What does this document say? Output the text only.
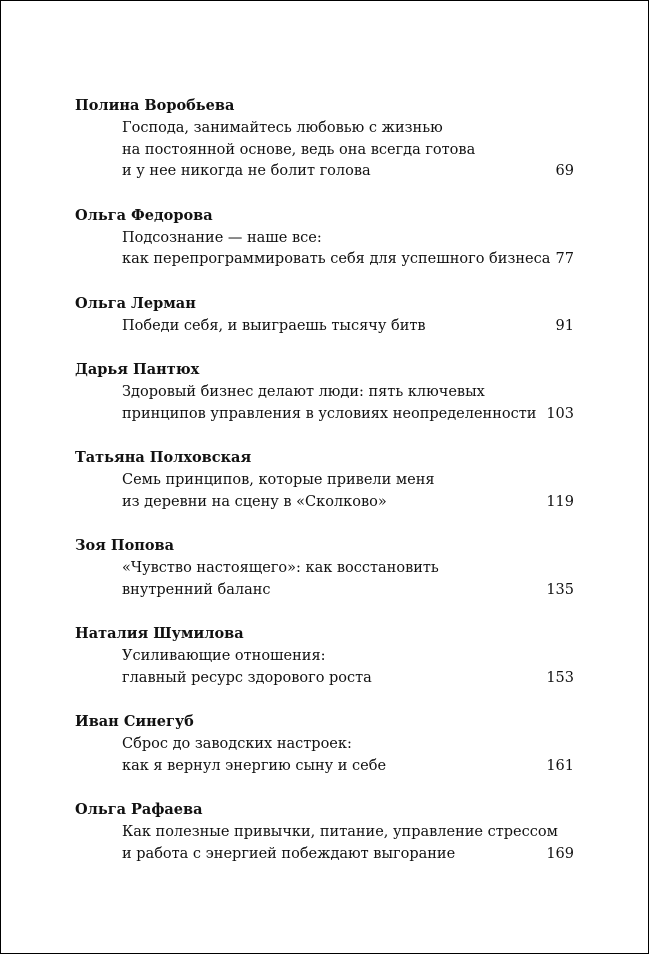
Полина Воробьева
Господа, занимайтесь любовью с жизнью
на постоянной основе, ведь она всегда готова
и у нее никогда не болит голова	69
Ольга Федорова
Подсознание — наше все:
как перепрограммировать себя для успешного бизнеса 77
Ольга Лерман
Победи себя, и выиграешь тысячу битв	91
Дарья Пантюх
Здоровый бизнес делают люди: пять ключевых
принципов управления в условиях неопределенности 103
Татьяна Полховская
Семь принципов, которые привели меня
из деревни на сцену в «Сколково»	119
Зоя Попова
«Чувство настоящего»: как восстановить
внутренний баланс	135
Наталия Шумилова
Усиливающие отношения:
главный ресурс здорового роста	153
Иван Синегуб
Сброс до заводских настроек:
как я вернул энергию сыну и себе	161
Ольга Рафаева
Как полезные привычки, питание, управление стрессом
и работа с энергией побеждают выгорание	169
